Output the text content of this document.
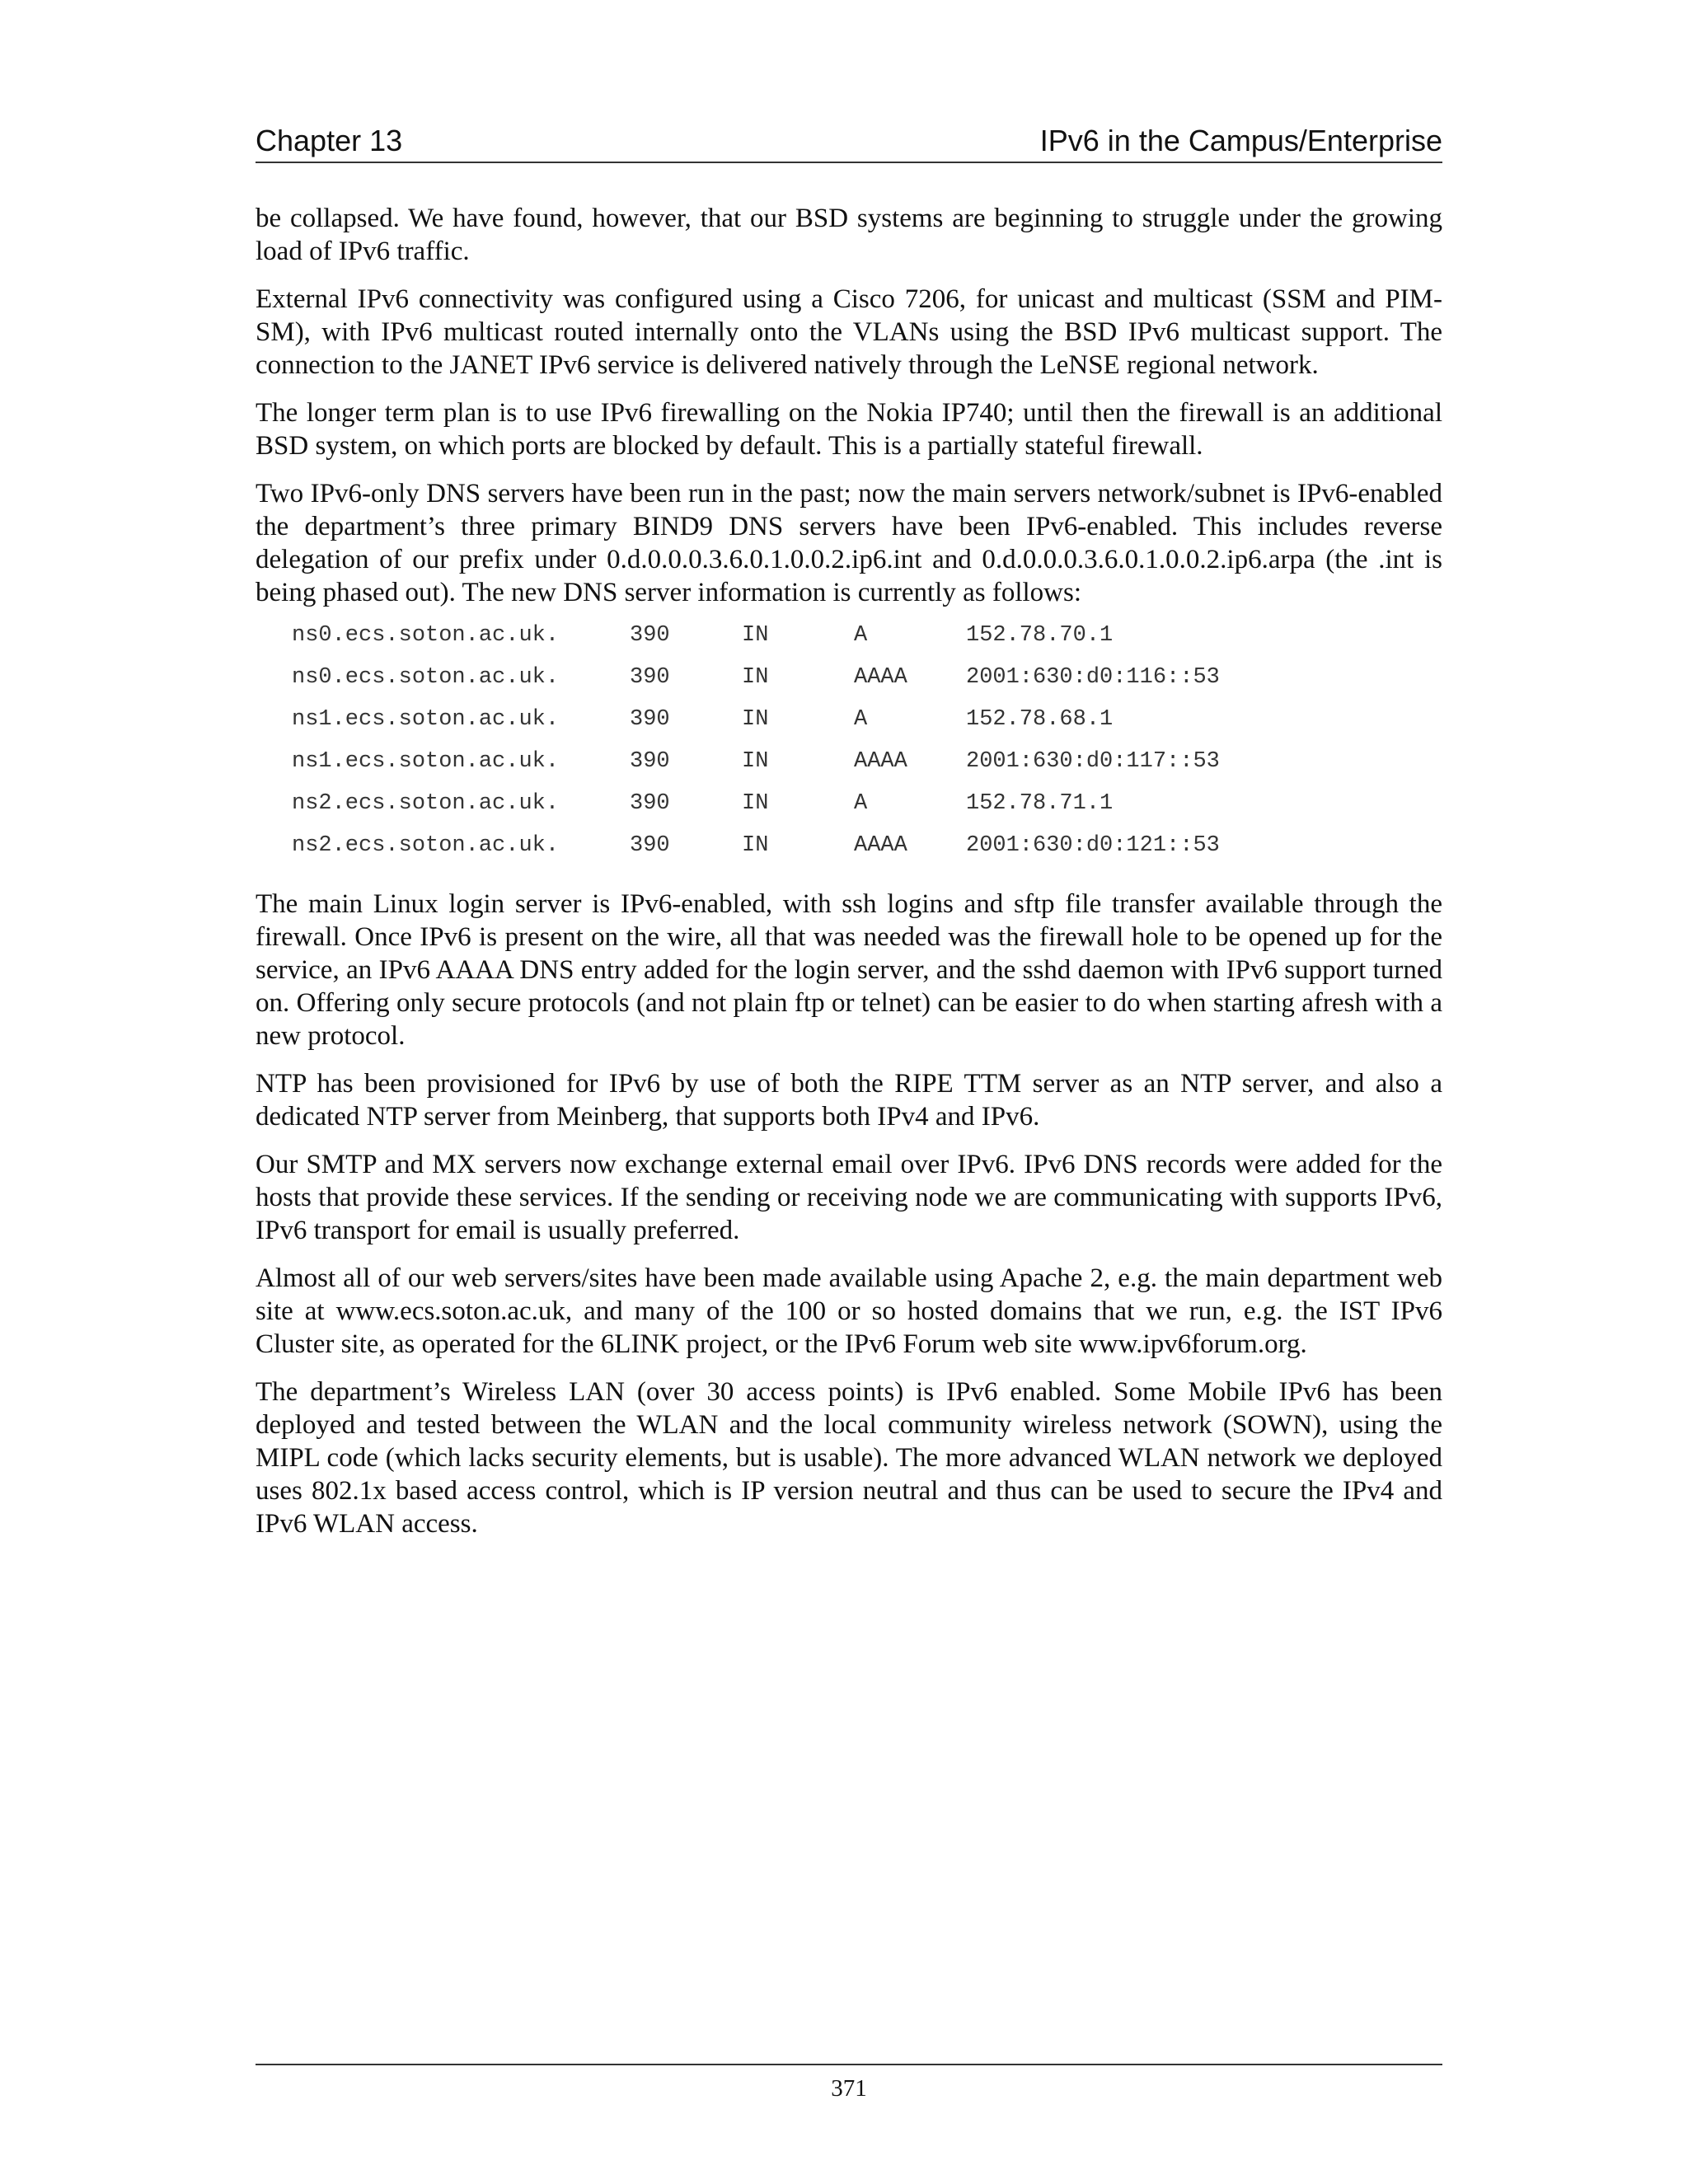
Chapter 13	IPv6 in the Campus/Enterprise

be collapsed. We have found, however, that our BSD systems are beginning to struggle under the growing load of IPv6 traffic.

External IPv6 connectivity was configured using a Cisco 7206, for unicast and multicast (SSM and PIM-SM), with IPv6 multicast routed internally onto the VLANs using the BSD IPv6 multicast support. The connection to the JANET IPv6 service is delivered natively through the LeNSE regional network.

The longer term plan is to use IPv6 firewalling on the Nokia IP740; until then the firewall is an additional BSD system, on which ports are blocked by default. This is a partially stateful firewall.

Two IPv6-only DNS servers have been run in the past; now the main servers network/subnet is IPv6-enabled the department’s three primary BIND9 DNS servers have been IPv6-enabled. This includes reverse delegation of our prefix under 0.d.0.0.0.3.6.0.1.0.0.2.ip6.int and 0.d.0.0.0.3.6.0.1.0.0.2.ip6.arpa (the .int is being phased out). The new DNS server information is currently as follows:

ns0.ecs.soton.ac.uk.	390	IN	A	152.78.70.1
ns0.ecs.soton.ac.uk.	390	IN	AAAA	2001:630:d0:116::53
ns1.ecs.soton.ac.uk.	390	IN	A	152.78.68.1
ns1.ecs.soton.ac.uk.	390	IN	AAAA	2001:630:d0:117::53
ns2.ecs.soton.ac.uk.	390	IN	A	152.78.71.1
ns2.ecs.soton.ac.uk.	390	IN	AAAA	2001:630:d0:121::53

The main Linux login server is IPv6-enabled, with ssh logins and sftp file transfer available through the firewall. Once IPv6 is present on the wire, all that was needed was the firewall hole to be opened up for the service, an IPv6 AAAA DNS entry added for the login server, and the sshd daemon with IPv6 support turned on. Offering only secure protocols (and not plain ftp or telnet) can be easier to do when starting afresh with a new protocol.

NTP has been provisioned for IPv6 by use of both the RIPE TTM server as an NTP server, and also a dedicated NTP server from Meinberg, that supports both IPv4 and IPv6.

Our SMTP and MX servers now exchange external email over IPv6. IPv6 DNS records were added for the hosts that provide these services. If the sending or receiving node we are communicating with supports IPv6, IPv6 transport for email is usually preferred.

Almost all of our web servers/sites have been made available using Apache 2, e.g. the main department web site at www.ecs.soton.ac.uk, and many of the 100 or so hosted domains that we run, e.g. the IST IPv6 Cluster site, as operated for the 6LINK project, or the IPv6 Forum web site www.ipv6forum.org.

The department’s Wireless LAN (over 30 access points) is IPv6 enabled. Some Mobile IPv6 has been deployed and tested between the WLAN and the local community wireless network (SOWN), using the MIPL code (which lacks security elements, but is usable). The more advanced WLAN network we deployed uses 802.1x based access control, which is IP version neutral and thus can be used to secure the IPv4 and IPv6 WLAN access.

371
